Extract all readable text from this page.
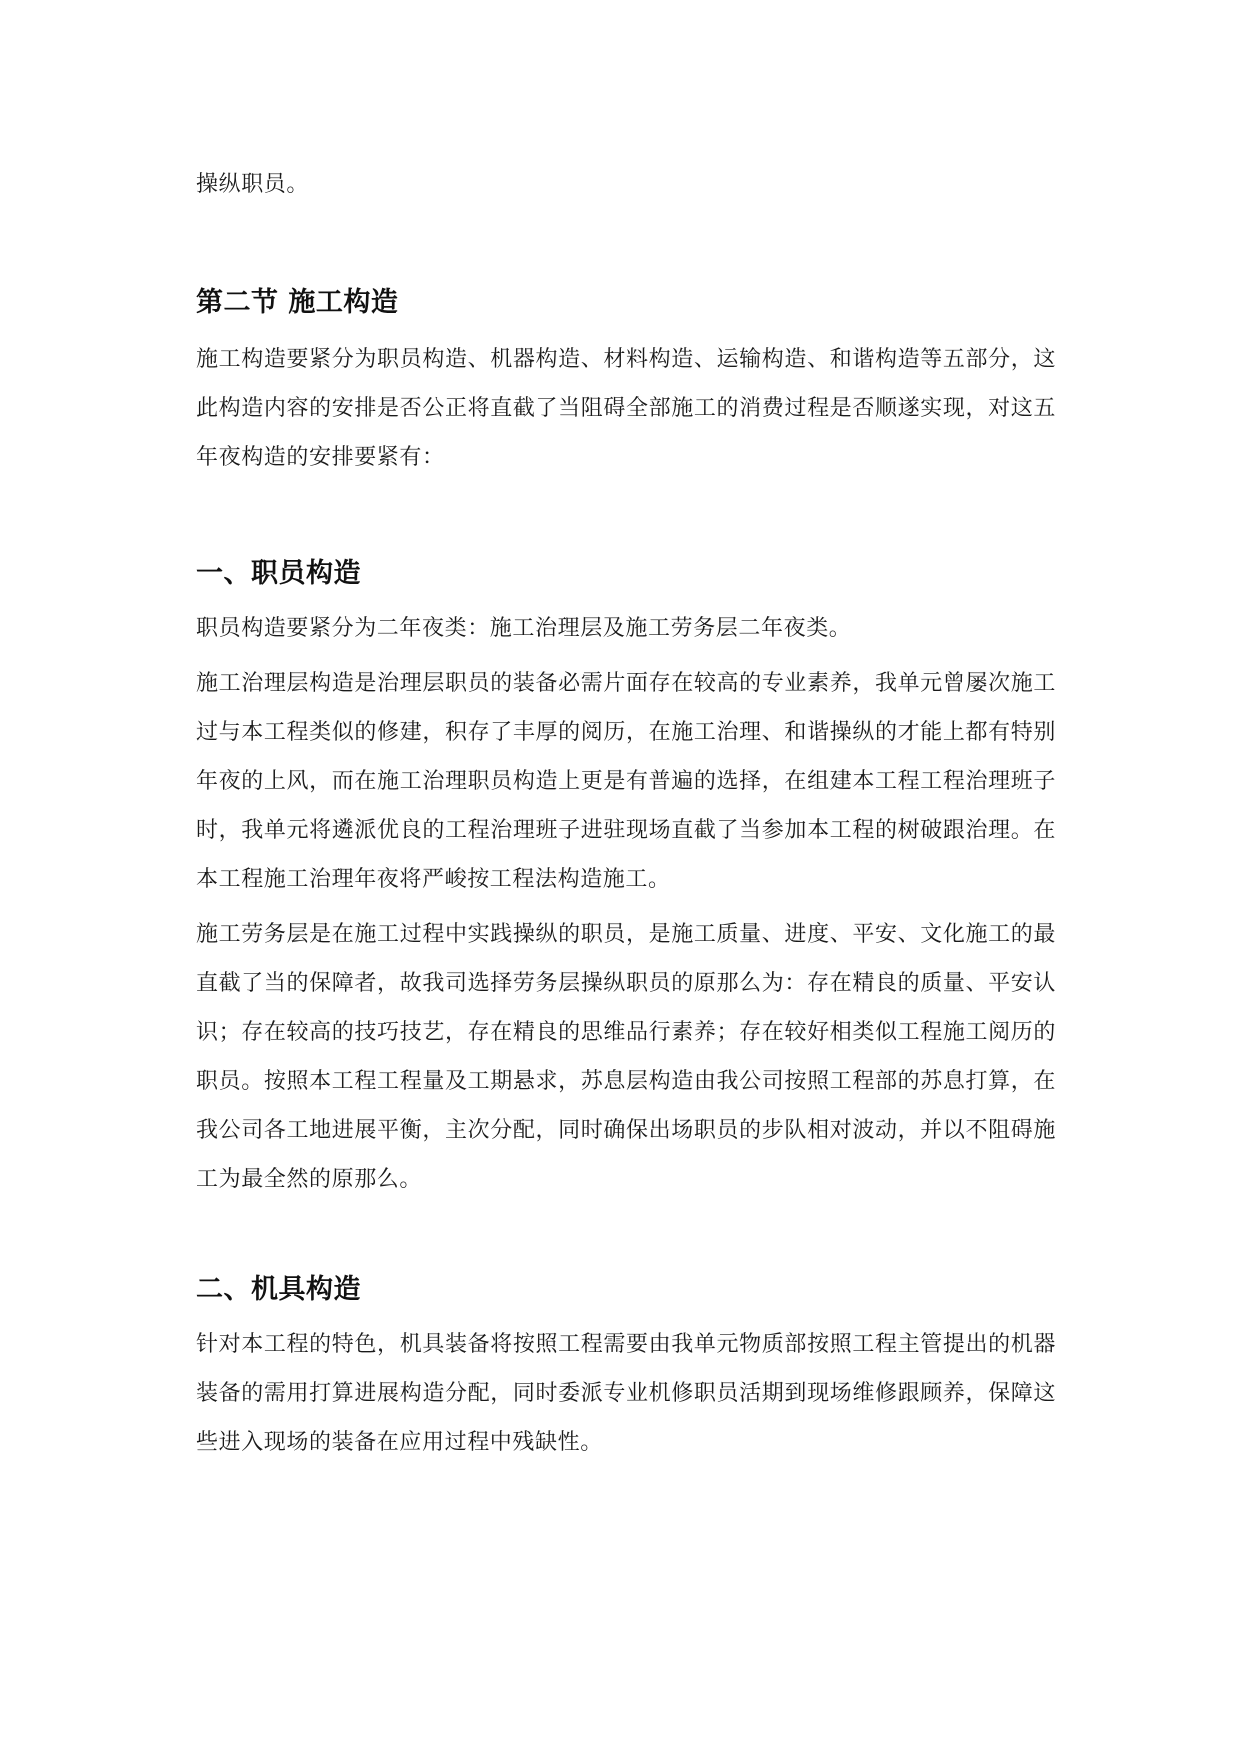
操纵职员。

第二节 施工构造

施工构造要紧分为职员构造、机器构造、材料构造、运输构造、和谐构造等五部分，这此构造内容的安排是否公正将直截了当阻碍全部施工的消费过程是否顺遂实现，对这五年夜构造的安排要紧有：

一、职员构造

职员构造要紧分为二年夜类：施工治理层及施工劳务层二年夜类。

施工治理层构造是治理层职员的装备必需片面存在较高的专业素养，我单元曾屡次施工过与本工程类似的修建，积存了丰厚的阅历，在施工治理、和谐操纵的才能上都有特别年夜的上风，而在施工治理职员构造上更是有普遍的选择，在组建本工程工程治理班子时，我单元将遴派优良的工程治理班子进驻现场直截了当参加本工程的树破跟治理。在本工程施工治理年夜将严峻按工程法构造施工。

施工劳务层是在施工过程中实践操纵的职员，是施工质量、进度、平安、文化施工的最直截了当的保障者，故我司选择劳务层操纵职员的原那么为：存在精良的质量、平安认识；存在较高的技巧技艺，存在精良的思维品行素养；存在较好相类似工程施工阅历的职员。按照本工程工程量及工期悬求，苏息层构造由我公司按照工程部的苏息打算，在我公司各工地进展平衡，主次分配，同时确保出场职员的步队相对波动，并以不阻碍施工为最全然的原那么。

二、机具构造

针对本工程的特色，机具装备将按照工程需要由我单元物质部按照工程主管提出的机器装备的需用打算进展构造分配，同时委派专业机修职员活期到现场维修跟顾养，保障这些进入现场的装备在应用过程中残缺性。
